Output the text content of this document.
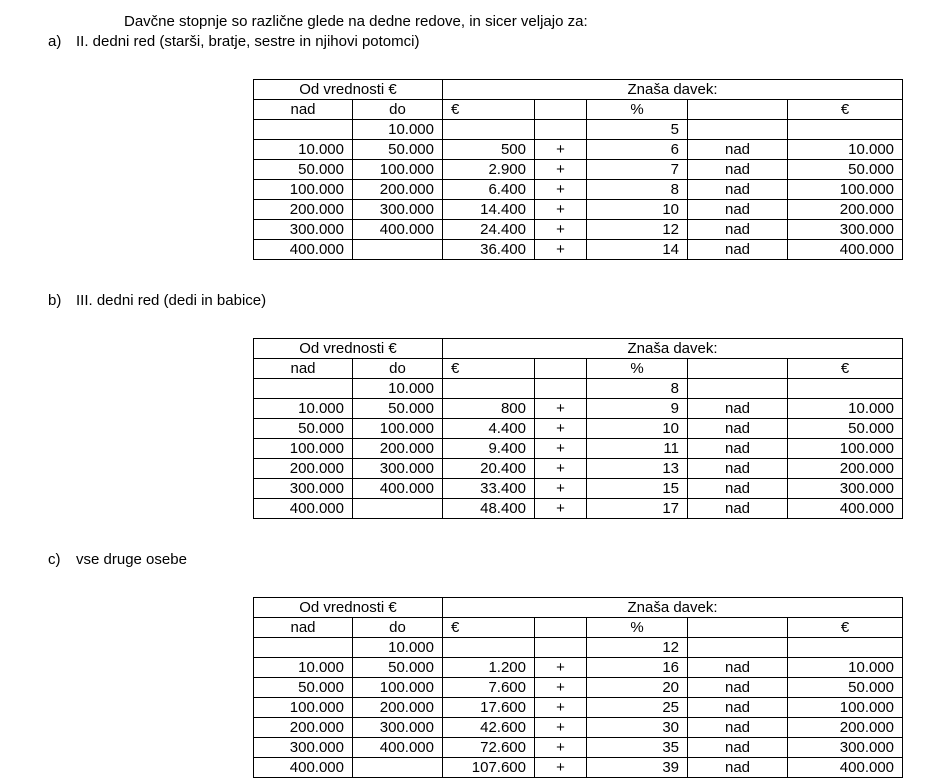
Davčne stopnje so različne glede na dedne redove, in sicer veljajo za:
a) II. dedni red (starši, bratje, sestre in njihovi potomci)
Od vrednosti €		Znaša davek:				
nad	do	€		%		€
	10.000			5		
10.000	50.000	500	+	6	nad	10.000
50.000	100.000	2.900	+	7	nad	50.000
100.000	200.000	6.400	+	8	nad	100.000
200.000	300.000	14.400	+	10	nad	200.000
300.000	400.000	24.400	+	12	nad	300.000
400.000		36.400	+	14	nad	400.000
b) III. dedni red (dedi in babice)
Od vrednosti €		Znaša davek:				
nad	do	€		%		€
	10.000			8		
10.000	50.000	800	+	9	nad	10.000
50.000	100.000	4.400	+	10	nad	50.000
100.000	200.000	9.400	+	11	nad	100.000
200.000	300.000	20.400	+	13	nad	200.000
300.000	400.000	33.400	+	15	nad	300.000
400.000		48.400	+	17	nad	400.000
c) vse druge osebe
Od vrednosti €		Znaša davek:				
nad	do	€		%		€
	10.000			12		
10.000	50.000	1.200	+	16	nad	10.000
50.000	100.000	7.600	+	20	nad	50.000
100.000	200.000	17.600	+	25	nad	100.000
200.000	300.000	42.600	+	30	nad	200.000
300.000	400.000	72.600	+	35	nad	300.000
400.000		107.600	+	39	nad	400.000
